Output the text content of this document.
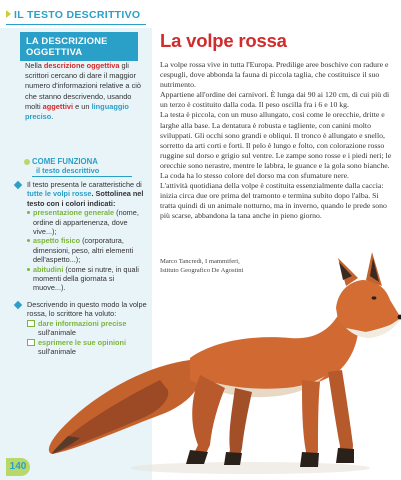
IL TESTO DESCRITTIVO
LA DESCRIZIONE OGGETTIVA
Nella descrizione oggettiva gli scrittori cercano di dare il maggior numero d'informazioni relative a ciò che stanno descrivendo, usando molti aggettivi e un linguaggio preciso.
COME FUNZIONA
il testo descrittivo
Il testo presenta le caratteristiche di tutte le volpi rosse. Sottolinea nel testo con i colori indicati:
presentazione generale (nome, ordine di appartenenza, dove vive...);
aspetto fisico (corporatura, dimensioni, peso, altri elementi dell'aspetto...);
abitudini (come si nutre, in quali momenti della giornata si muove...).
Descrivendo in questo modo la volpe rossa, lo scrittore ha voluto:
dare informazioni precise
sull'animale
esprimere le sue opinioni
sull'animale
140
La volpe rossa

La volpe rossa vive in tutta l'Europa. Predilige aree boschive con radure e cespugli, dove abbonda la fauna di piccola taglia, che costituisce il suo nutrimento.

Appartiene all'ordine dei carnivori. È lunga dai 90 ai 120 cm, di cui più di un terzo è costituito dalla coda. Il peso oscilla fra i 6 e 10 kg.

La testa è piccola, con un muso allungato, così come le orecchie, dritte e larghe alla base. La dentatura è robusta e tagliente, con canini molto sviluppati. Gli occhi sono grandi e obliqui. Il tronco è allungato e snello, sorretto da arti corti e forti. Il pelo è lungo e folto, con colorazione rosso ruggine sul dorso e grigio sul ventre. Le zampe sono rosse e i piedi neri; le orecchie sono nerastre, mentre le labbra, le guance e la gola sono bianche. La coda ha lo stesso colore del dorso ma con sfumature nere.

L'attività quotidiana della volpe è costituita essenzialmente dalla caccia: inizia circa due ore prima del tramonto e termina subito dopo l'alba. Si tratta quindi di un animale notturno, ma in inverno, quando le prede sono più scarse, abbandona la tana anche in pieno giorno.

Marco Tancredi, I mammiferi,
Istituto Geografico De Agostini
